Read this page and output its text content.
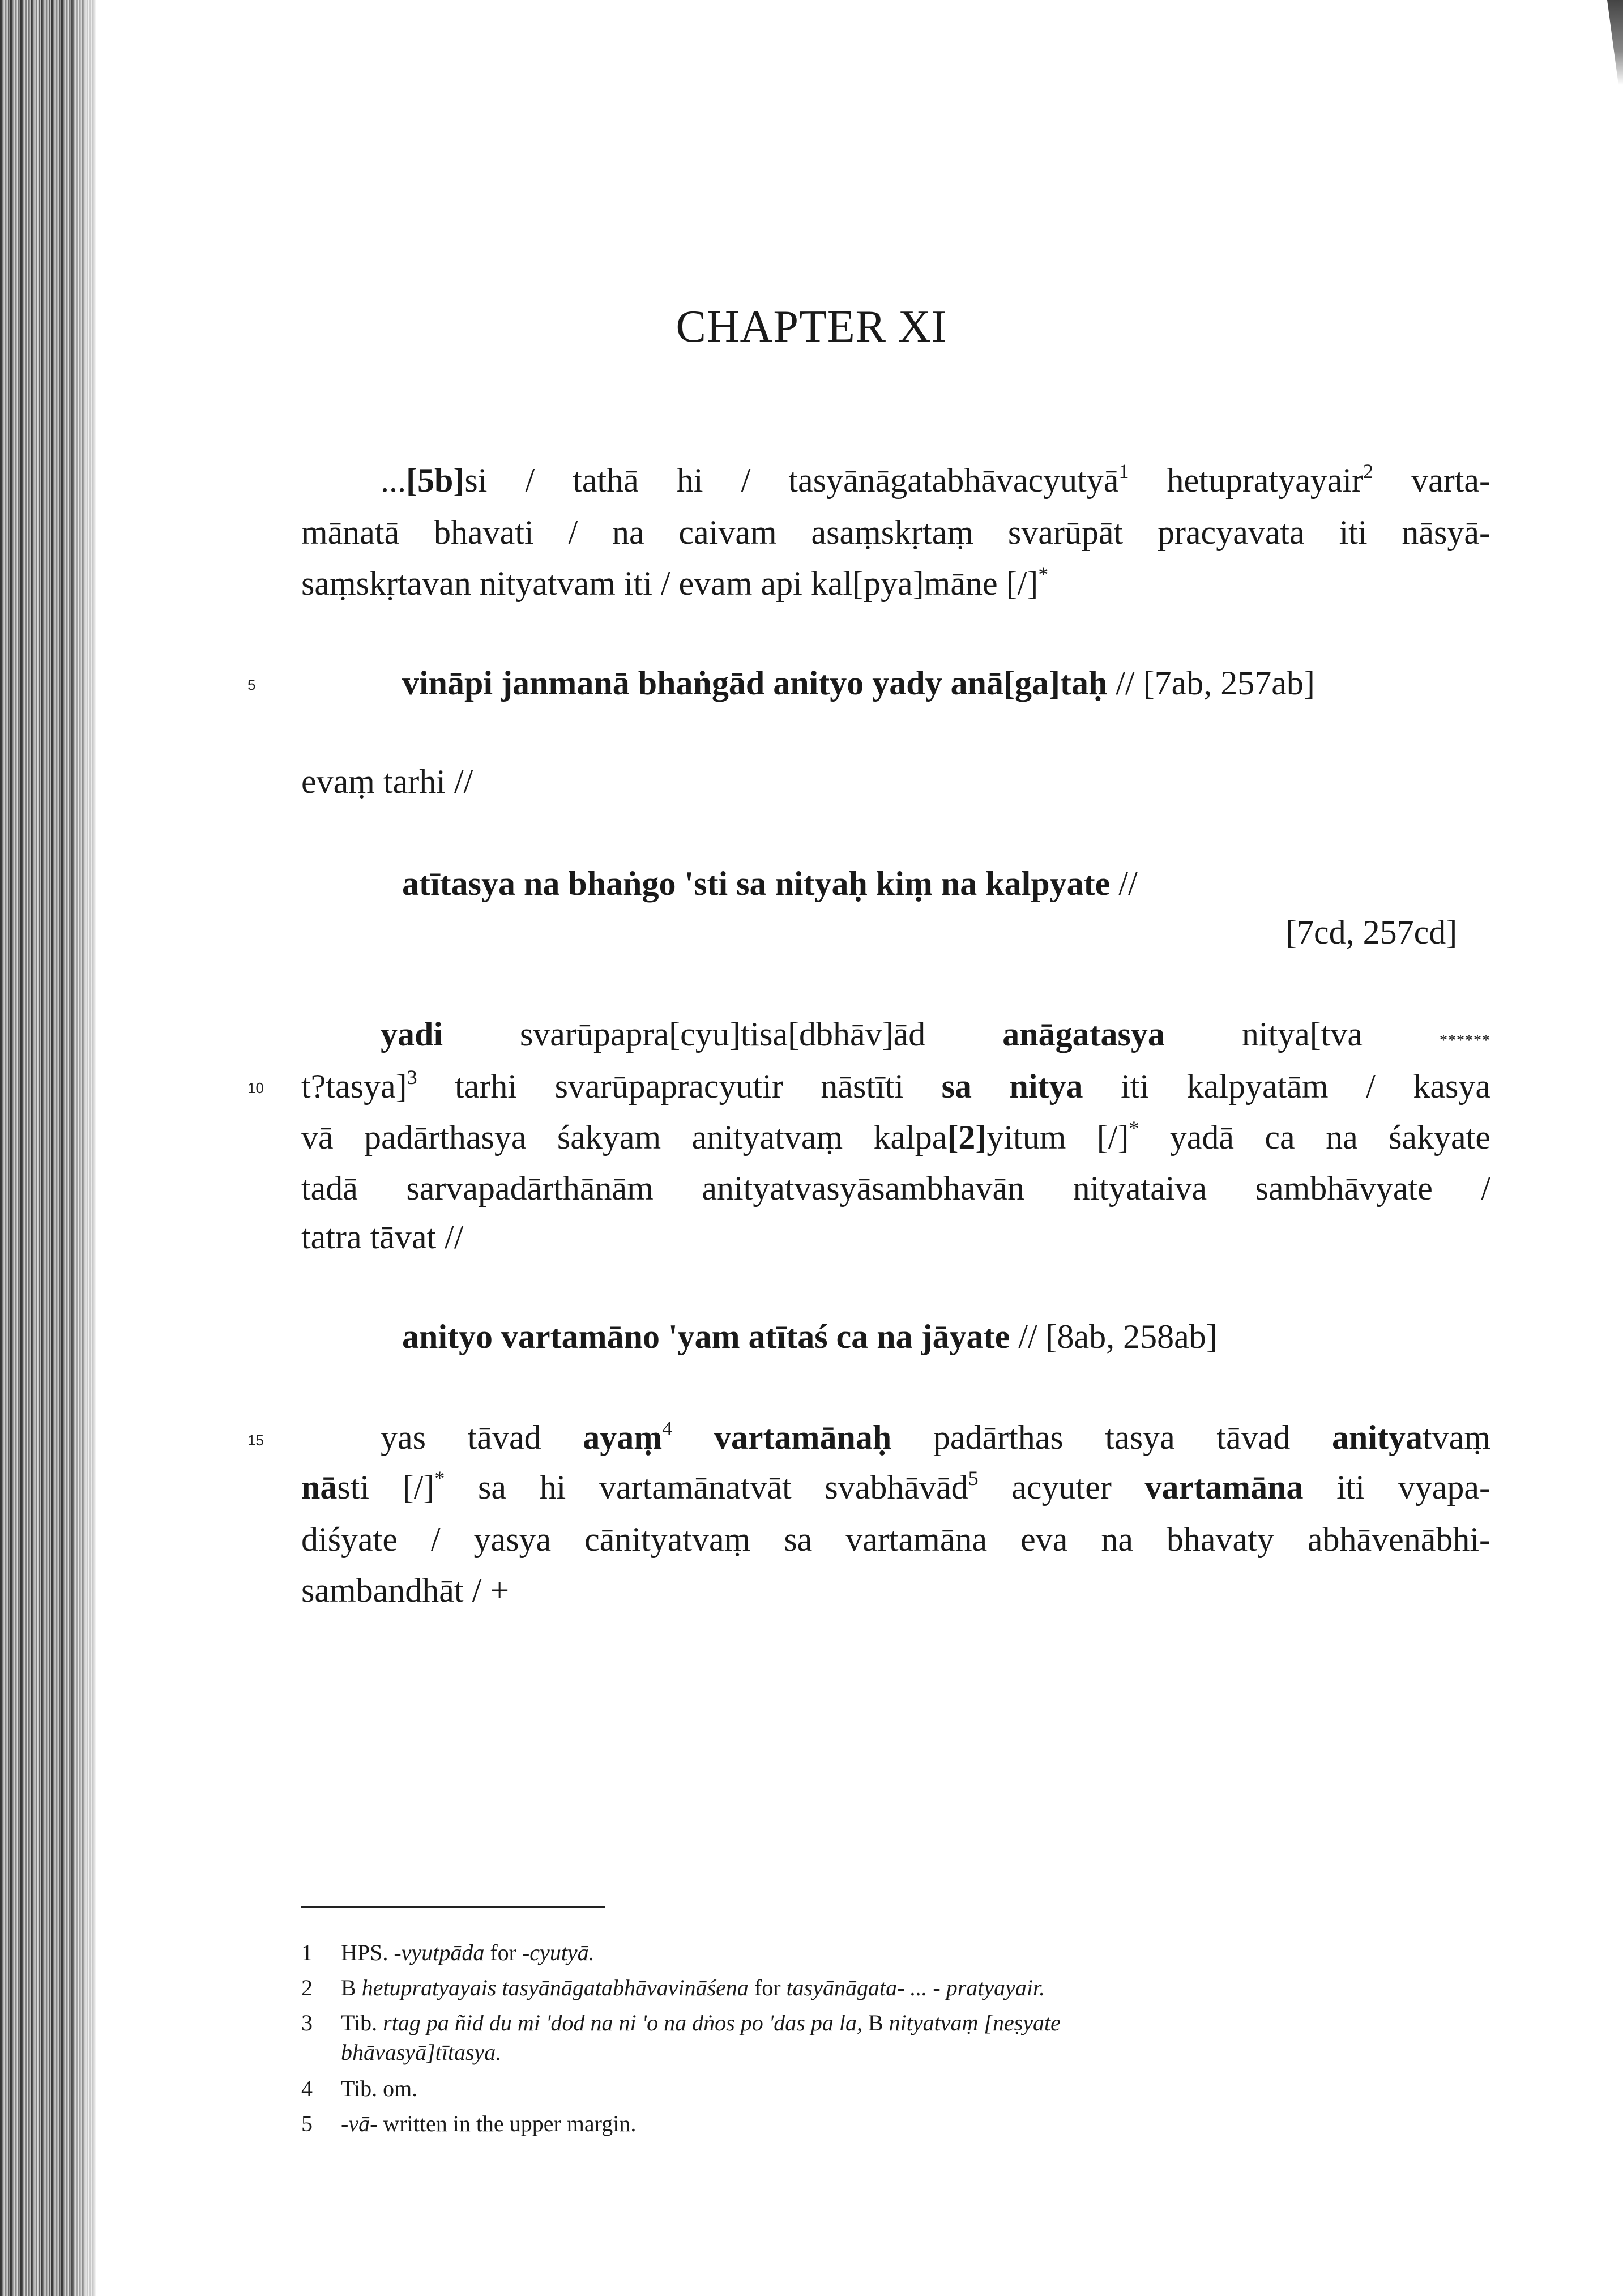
CHAPTER XI
...[5b]si / tathā hi / tasyānāgatabhāvacyutyā$^1$ hetupratyayair$^2$ varta-
mānatā bhavati / na caivam asaṃskṛtaṃ svarūpāt pracyavata iti nāsyā-
saṃskṛtavan nityatvam iti / evam api kal[pya]māne [/]*
5	vināpi janmanā bhaṅgād anityo yady anā[ga]taḥ // [7ab, 257ab]
evaṃ tarhi //
atītasya na bhaṅgo 'sti sa nityaḥ kiṃ na kalpyate //
[7cd, 257cd]
yadi svarūpapra[cyu]tisa[dbhāv]ād anāgatasya nitya[tva	******
10 t?tasya]$^3$ tarhi svarūpapracyutir nāstīti sa nitya iti kalpyatām / kasya
vā padārthasya śakyam anityatvaṃ kalpa[2]yitum [/]* yadā ca na śakyate
tadā sarvapadārthānām anityatvasyāsambhavān nityataiva sambhāvyate /
tatra tāvat //
anityo vartamāno 'yam atītaś ca na jāyate // [8ab, 258ab]
15	yas tāvad ayaṃ$^4$ vartamānaḥ padārthas tasya tāvad anityatvaṃ
nāsti [/]* sa hi vartamānatvāt svabhāvād$^5$ acyuter vartamāna iti vyapa-
diśyate / yasya cānityatvaṃ sa vartamāna eva na bhavaty abhāvenābhi-
sambandhāt / +
1 HPS. -vyutpāda for -cyutyā.
2 B hetupratyayais tasyānāgatabhāvavināśena for tasyānāgata- ... - pratyayair.
3 Tib. rtag pa ñid du mi 'dod na ni 'o na dṅos po 'das pa la, B nityatvaṃ [neṣyate
bhāvasyā]tītasya.
4 Tib. om.
5 -vā- written in the upper margin.
